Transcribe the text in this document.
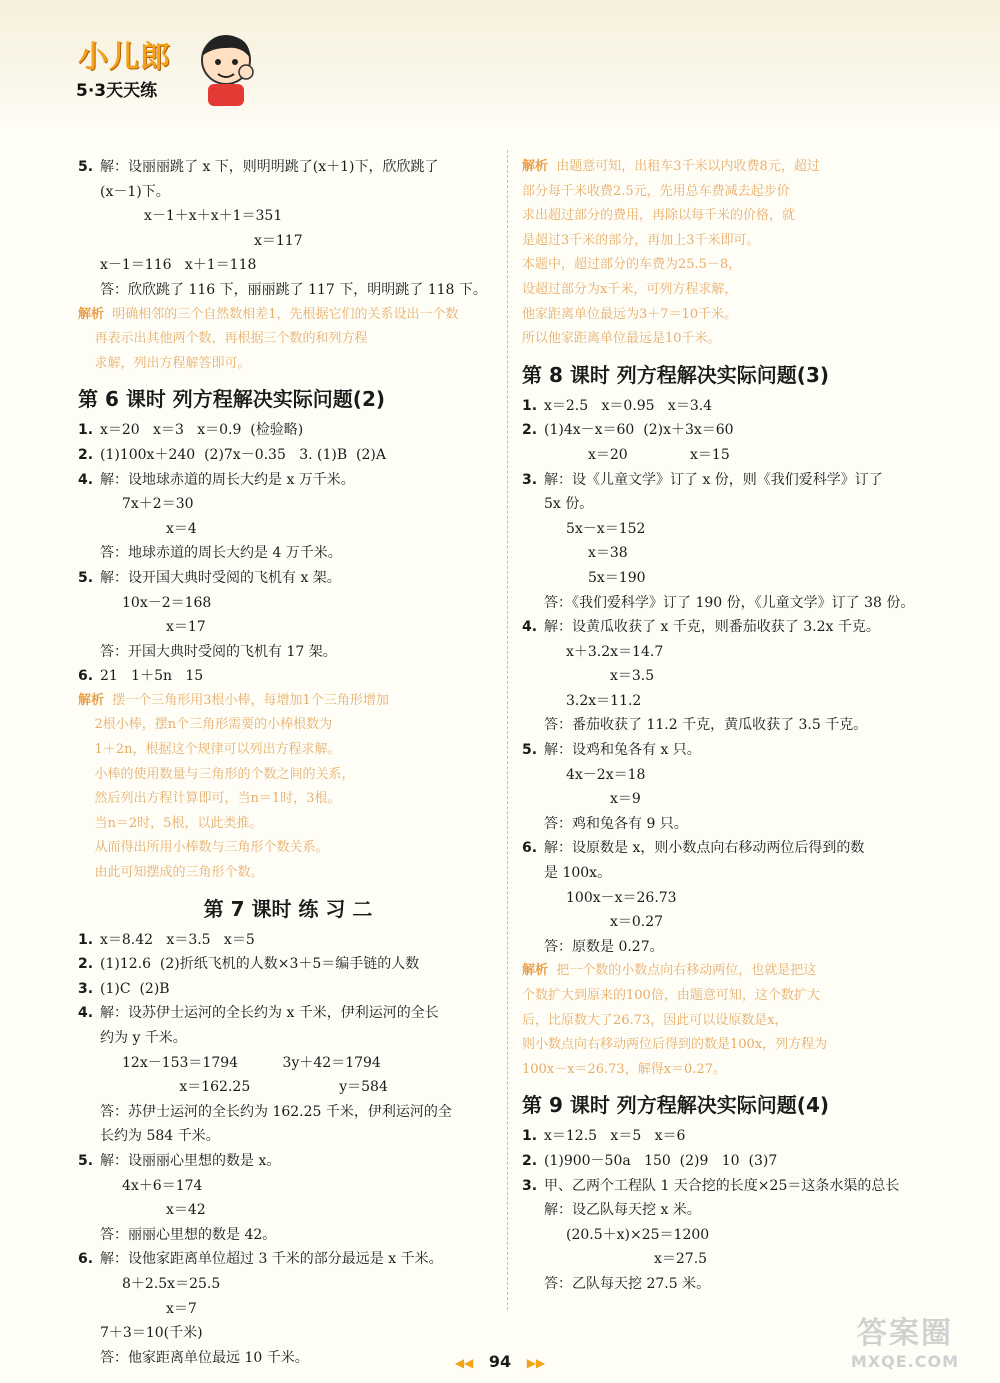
小儿郎
5·3天天练
5. 解：设丽丽跳了 x 下，则明明跳了(x＋1)下，欣欣跳了
(x－1)下。
x－1＋x＋x＋1＝351
x＝117
x－1＝116   x＋1＝118
答：欣欣跳了 116 下，丽丽跳了 117 下，明明跳了 118 下。
解析  明确相邻的三个自然数相差1，先根据它们的关系设出一个数
再表示出其他两个数，再根据三个数的和列方程
求解，列出方程解答即可。
第 6 课时 列方程解决实际问题(2)
1. x＝20   x＝3   x＝0.9  (检验略)
2. (1)100x＋240  (2)7x－0.35   3. (1)B  (2)A
4. 解：设地球赤道的周长大约是 x 万千米。
7x＋2＝30
x＝4
答：地球赤道的周长大约是 4 万千米。
5. 解：设开国大典时受阅的飞机有 x 架。
10x－2＝168
x＝17
答：开国大典时受阅的飞机有 17 架。
6. 21   1＋5n   15
解析  摆一个三角形用3根小棒，每增加1个三角形增加
2根小棒，摆n个三角形需要的小棒根数为
1＋2n，根据这个规律可以列出方程求解。
小棒的使用数量与三角形的个数之间的关系，
然后列出方程计算即可，当n＝1时，3根。
当n＝2时，5根，以此类推。
从而得出所用小棒数与三角形个数关系。
由此可知摆成的三角形个数。
第 7 课时 练 习 二
1. x＝8.42   x＝3.5   x＝5
2. (1)12.6  (2)折纸飞机的人数×3＋5＝编手链的人数
3. (1)C  (2)B
4. 解：设苏伊士运河的全长约为 x 千米，伊利运河的全长
约为 y 千米。
12x－153＝1794          3y＋42＝1794
x＝162.25                    y＝584
答：苏伊士运河的全长约为 162.25 千米，伊利运河的全
长约为 584 千米。
5. 解：设丽丽心里想的数是 x。
4x＋6＝174
x＝42
答：丽丽心里想的数是 42。
6. 解：设他家距离单位超过 3 千米的部分最远是 x 千米。
8＋2.5x＝25.5
x＝7
7＋3＝10(千米)
答：他家距离单位最远 10 千米。
解析  由题意可知，出租车3千米以内收费8元，超过
部分每千米收费2.5元，先用总车费减去起步价
求出超过部分的费用，再除以每千米的价格，就
是超过3千米的部分，再加上3千米即可。
本题中，超过部分的车费为25.5－8，
设超过部分为x千米，可列方程求解，
他家距离单位最远为3＋7＝10千米。
所以他家距离单位最远是10千米。
第 8 课时 列方程解决实际问题(3)
1. x＝2.5   x＝0.95   x＝3.4
2. (1)4x－x＝60  (2)x＋3x＝60
x＝20              x＝15
3. 解：设《儿童文学》订了 x 份，则《我们爱科学》订了
5x 份。
5x－x＝152
x＝38
5x＝190
答：《我们爱科学》订了 190 份，《儿童文学》订了 38 份。
4. 解：设黄瓜收获了 x 千克，则番茄收获了 3.2x 千克。
x＋3.2x＝14.7
x＝3.5
3.2x＝11.2
答：番茄收获了 11.2 千克，黄瓜收获了 3.5 千克。
5. 解：设鸡和兔各有 x 只。
4x－2x＝18
x＝9
答：鸡和兔各有 9 只。
6. 解：设原数是 x，则小数点向右移动两位后得到的数
是 100x。
100x－x＝26.73
x＝0.27
答：原数是 0.27。
解析  把一个数的小数点向右移动两位，也就是把这
个数扩大到原来的100倍，由题意可知，这个数扩大
后，比原数大了26.73，因此可以设原数是x，
则小数点向右移动两位后得到的数是100x，列方程为
100x－x＝26.73，解得x＝0.27。
第 9 课时 列方程解决实际问题(4)
1. x＝12.5   x＝5   x＝6
2. (1)900－50a   150  (2)9   10  (3)7
3. 甲、乙两个工程队 1 天合挖的长度×25＝这条水渠的总长
解：设乙队每天挖 x 米。
(20.5＋x)×25＝1200
x＝27.5
答：乙队每天挖 27.5 米。
◀◀ 94 ▶▶
答案圈
MXQE.COM
